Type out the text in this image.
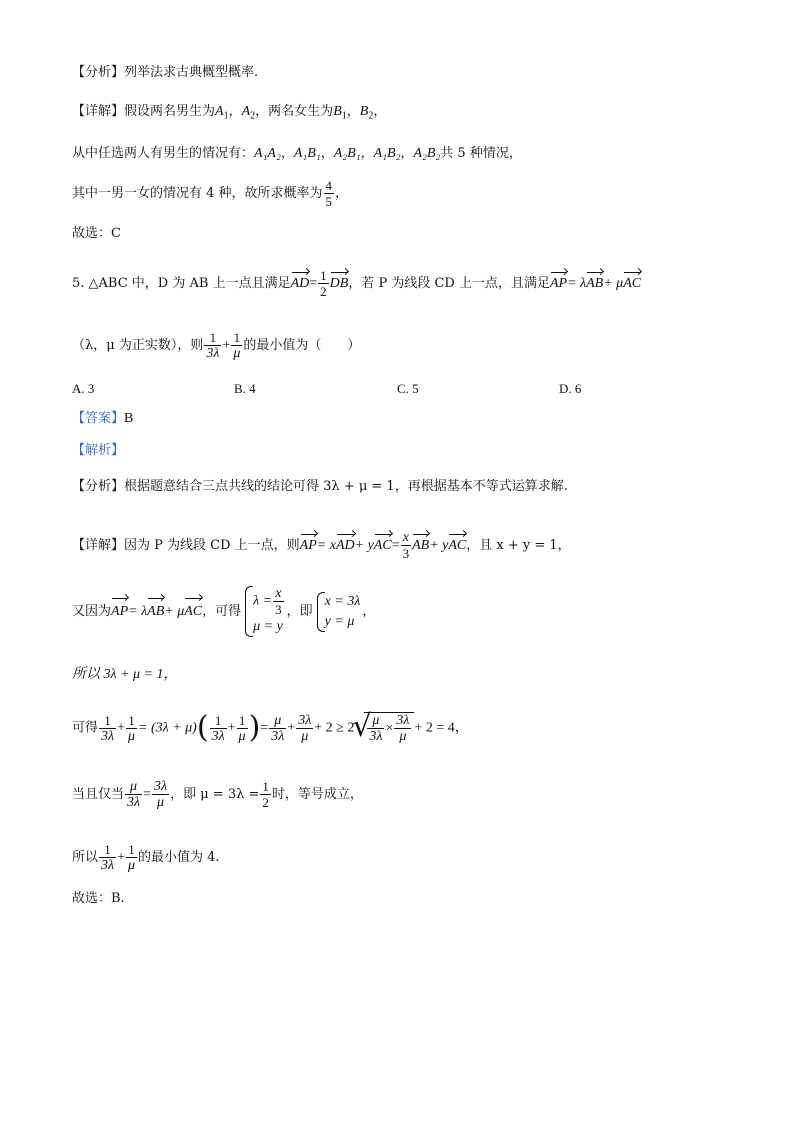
【分析】列举法求古典概型概率.
【详解】假设两名男生为$A_1$，$A_2$，两名女生为$B_1$，$B_2$，
从中任选两人有男生的情况有：A₁A₂，A₁B₁，A₂B₁，A₁B₂，A₂B₂共 5 种情况，
其中一男一女的情况有 4 种，故所求概率为 $\frac{4}{5}$ ，
故选：C
5. △ABC 中，D 为 AB 上一点且满足$AD= \frac{1}{2}$ DB，若 P 为线段 CD 上一点，且满足AP= λAB+ μAC
（λ，μ 为正实数），则 $\frac{1}{3\lambda} + \frac{1}{\mu}$ 的最小值为（　　）
A. 3	B. 4	C. 5	D. 6
【答案】B
【解析】
【分析】根据题意结合三点共线的结论可得 3λ + μ = 1，再根据基本不等式运算求解.
【详解】因为 P 为线段 CD 上一点，则$AP= xAD+ yAC= \frac{x}{3} AB+$ yAC，且 x + y = 1，
又因为AP= λAB+ μAC，可得
$\lambda = \frac{x}{3}$
μ = y
，即
x = 3λ
y = μ
，
所以 3λ + μ = 1，
可得 $\frac{1}{3\lambda} + \frac{1}{\mu} = (3\lambda + \mu)( \frac{1}{3\lambda} + \frac{1}{\mu}$ )= $\frac{\mu}{3\lambda} + \frac{3\lambda}{\mu} + 2 \ge 2$
√ $\frac{\mu}{3\lambda} \times \frac{3\lambda}{\mu} + 2 = 4$，
当且仅当 $\frac{\mu}{3\lambda} = \frac{3\lambda}{\mu}$ ，即 $\mu = 3\lambda = \frac{1}{2}$ 时，等号成立，
所以 $\frac{1}{3\lambda} + \frac{1}{\mu}$ 的最小值为 4.
故选：B.
